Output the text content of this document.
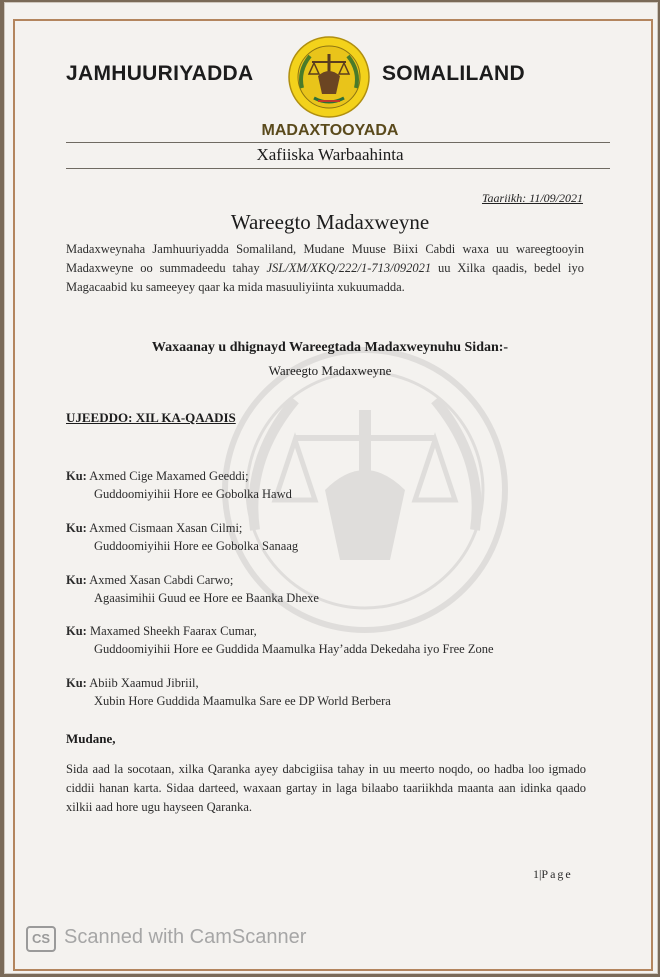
JAMHUURIYADDA	SOMALILAND
MADAXTOOYADA
Xafiiska Warbaahinta
Taariikh: 11/09/2021
Wareegto Madaxweyne
Madaxweynaha Jamhuuriyadda Somaliland, Mudane Muuse Biixi Cabdi waxa uu wareegtooyin Madaxweyne oo summadeedu tahay JSL/XM/XKQ/222/1-713/092021 uu Xilka qaadis, bedel iyo Magacaabid ku sameeyey qaar ka mida masuuliyiinta xukuumadda.
Waxaanay u dhignayd Wareegtada Madaxweynuhu Sidan:-
Wareegto Madaxweyne
UJEEDDO: XIL KA-QAADIS
Ku: Axmed Cige Maxamed Geeddi;
Guddoomiyihii Hore ee Gobolka Hawd
Ku: Axmed Cismaan Xasan Cilmi;
Guddoomiyihii Hore ee Gobolka Sanaag
Ku: Axmed Xasan Cabdi Carwo;
Agaasimihii Guud ee Hore ee Baanka Dhexe
Ku: Maxamed Sheekh Faarax Cumar,
Guddoomiyihii Hore ee Guddida Maamulka Hay’adda Dekedaha iyo Free Zone
Ku: Abiib Xaamud Jibriil,
Xubin Hore Guddida Maamulka Sare ee DP World Berbera
Mudane,
Sida aad la socotaan, xilka Qaranka ayey dabcigiisa tahay in uu meerto noqdo, oo hadba loo igmado ciddii hanan karta. Sidaa darteed, waxaan gartay in laga bilaabo taariikhda maanta aan idinka qaado xilkii aad hore ugu hayseen Qaranka.
1|Page
CS Scanned with CamScanner
